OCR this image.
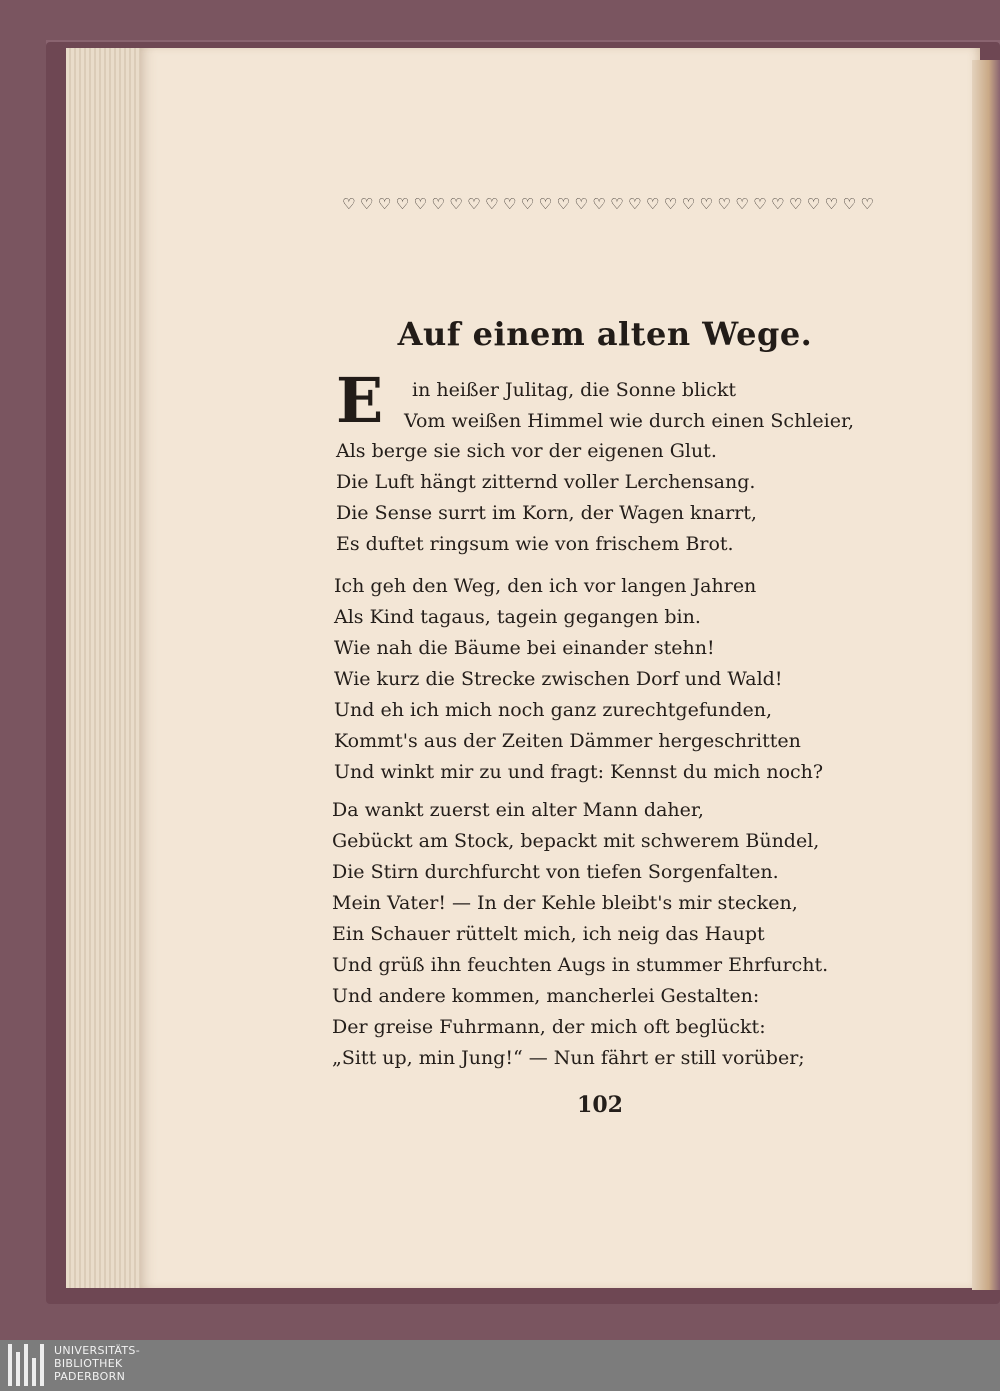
♡ ♡ ♡ ♡ ♡ ♡ ♡ ♡ ♡ ♡ ♡ ♡ ♡ ♡ ♡ ♡ ♡ ♡ ♡ ♡ ♡ ♡ ♡ ♡ ♡ ♡ ♡ ♡ ♡ ♡
Auf einem alten Wege.
E	in heißer Julitag, die Sonne blickt
Vom weißen Himmel wie durch einen Schleier,
Als berge sie sich vor der eigenen Glut.
Die Luft hängt zitternd voller Lerchensang.
Die Sense surrt im Korn, der Wagen knarrt,
Es duftet ringsum wie von frischem Brot.
Ich geh den Weg, den ich vor langen Jahren
Als Kind tagaus, tagein gegangen bin.
Wie nah die Bäume bei einander stehn!
Wie kurz die Strecke zwischen Dorf und Wald!
Und eh ich mich noch ganz zurechtgefunden,
Kommt's aus der Zeiten Dämmer hergeschritten
Und winkt mir zu und fragt: Kennst du mich noch?
Da wankt zuerst ein alter Mann daher,
Gebückt am Stock, bepackt mit schwerem Bündel,
Die Stirn durchfurcht von tiefen Sorgenfalten.
Mein Vater! — In der Kehle bleibt's mir stecken,
Ein Schauer rüttelt mich, ich neig das Haupt
Und grüß ihn feuchten Augs in stummer Ehrfurcht.
Und andere kommen, mancherlei Gestalten:
Der greise Fuhrmann, der mich oft beglückt:
„Sitt up, min Jung!“ — Nun fährt er still vorüber;
102
UNIVERSITÄTS-
BIBLIOTHEK
PADERBORN
